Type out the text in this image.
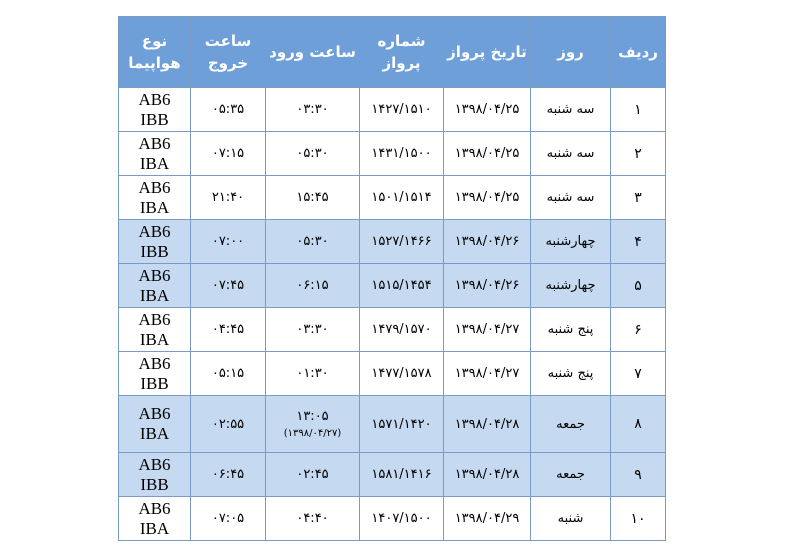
ردیف	روز	تاریخ پرواز	شماره پرواز	ساعت ورود	ساعت
خروج	نوع
هواپیما

۱	سه شنبه	۱۳۹۸/۰۴/۲۵	۱۴۲۷/۱۵۱۰	۰۳:۳۰	۰۵:۳۵	AB6
IBB

۲	سه شنبه	۱۳۹۸/۰۴/۲۵	۱۴۳۱/۱۵۰۰	۰۵:۳۰	۰۷:۱۵	AB6
IBA

۳	سه شنبه	۱۳۹۸/۰۴/۲۵	۱۵۰۱/۱۵۱۴	۱۵:۴۵	۲۱:۴۰	AB6
IBA

۴	چهارشنبه	۱۳۹۸/۰۴/۲۶	۱۵۲۷/۱۴۶۶	۰۵:۳۰	۰۷:۰۰	AB6
IBB

۵	چهارشنبه	۱۳۹۸/۰۴/۲۶	۱۵۱۵/۱۴۵۴	۰۶:۱۵	۰۷:۴۵	AB6
IBA

۶	پنج شنبه	۱۳۹۸/۰۴/۲۷	۱۴۷۹/۱۵۷۰	۰۳:۳۰	۰۴:۴۵	AB6
IBA

۷	پنج شنبه	۱۳۹۸/۰۴/۲۷	۱۴۷۷/۱۵۷۸	۰۱:۳۰	۰۵:۱۵	AB6
IBB

۸	جمعه	۱۳۹۸/۰۴/۲۸	۱۵۷۱/۱۴۲۰	۱۳:۰۵
(۱۳۹۸/۰۴/۲۷)	۰۲:۵۵	AB6
IBA

۹	جمعه	۱۳۹۸/۰۴/۲۸	۱۵۸۱/۱۴۱۶	۰۲:۴۵	۰۶:۴۵	AB6
IBB

۱۰	شنبه	۱۳۹۸/۰۴/۲۹	۱۴۰۷/۱۵۰۰	۰۴:۴۰	۰۷:۰۵	AB6
IBA
